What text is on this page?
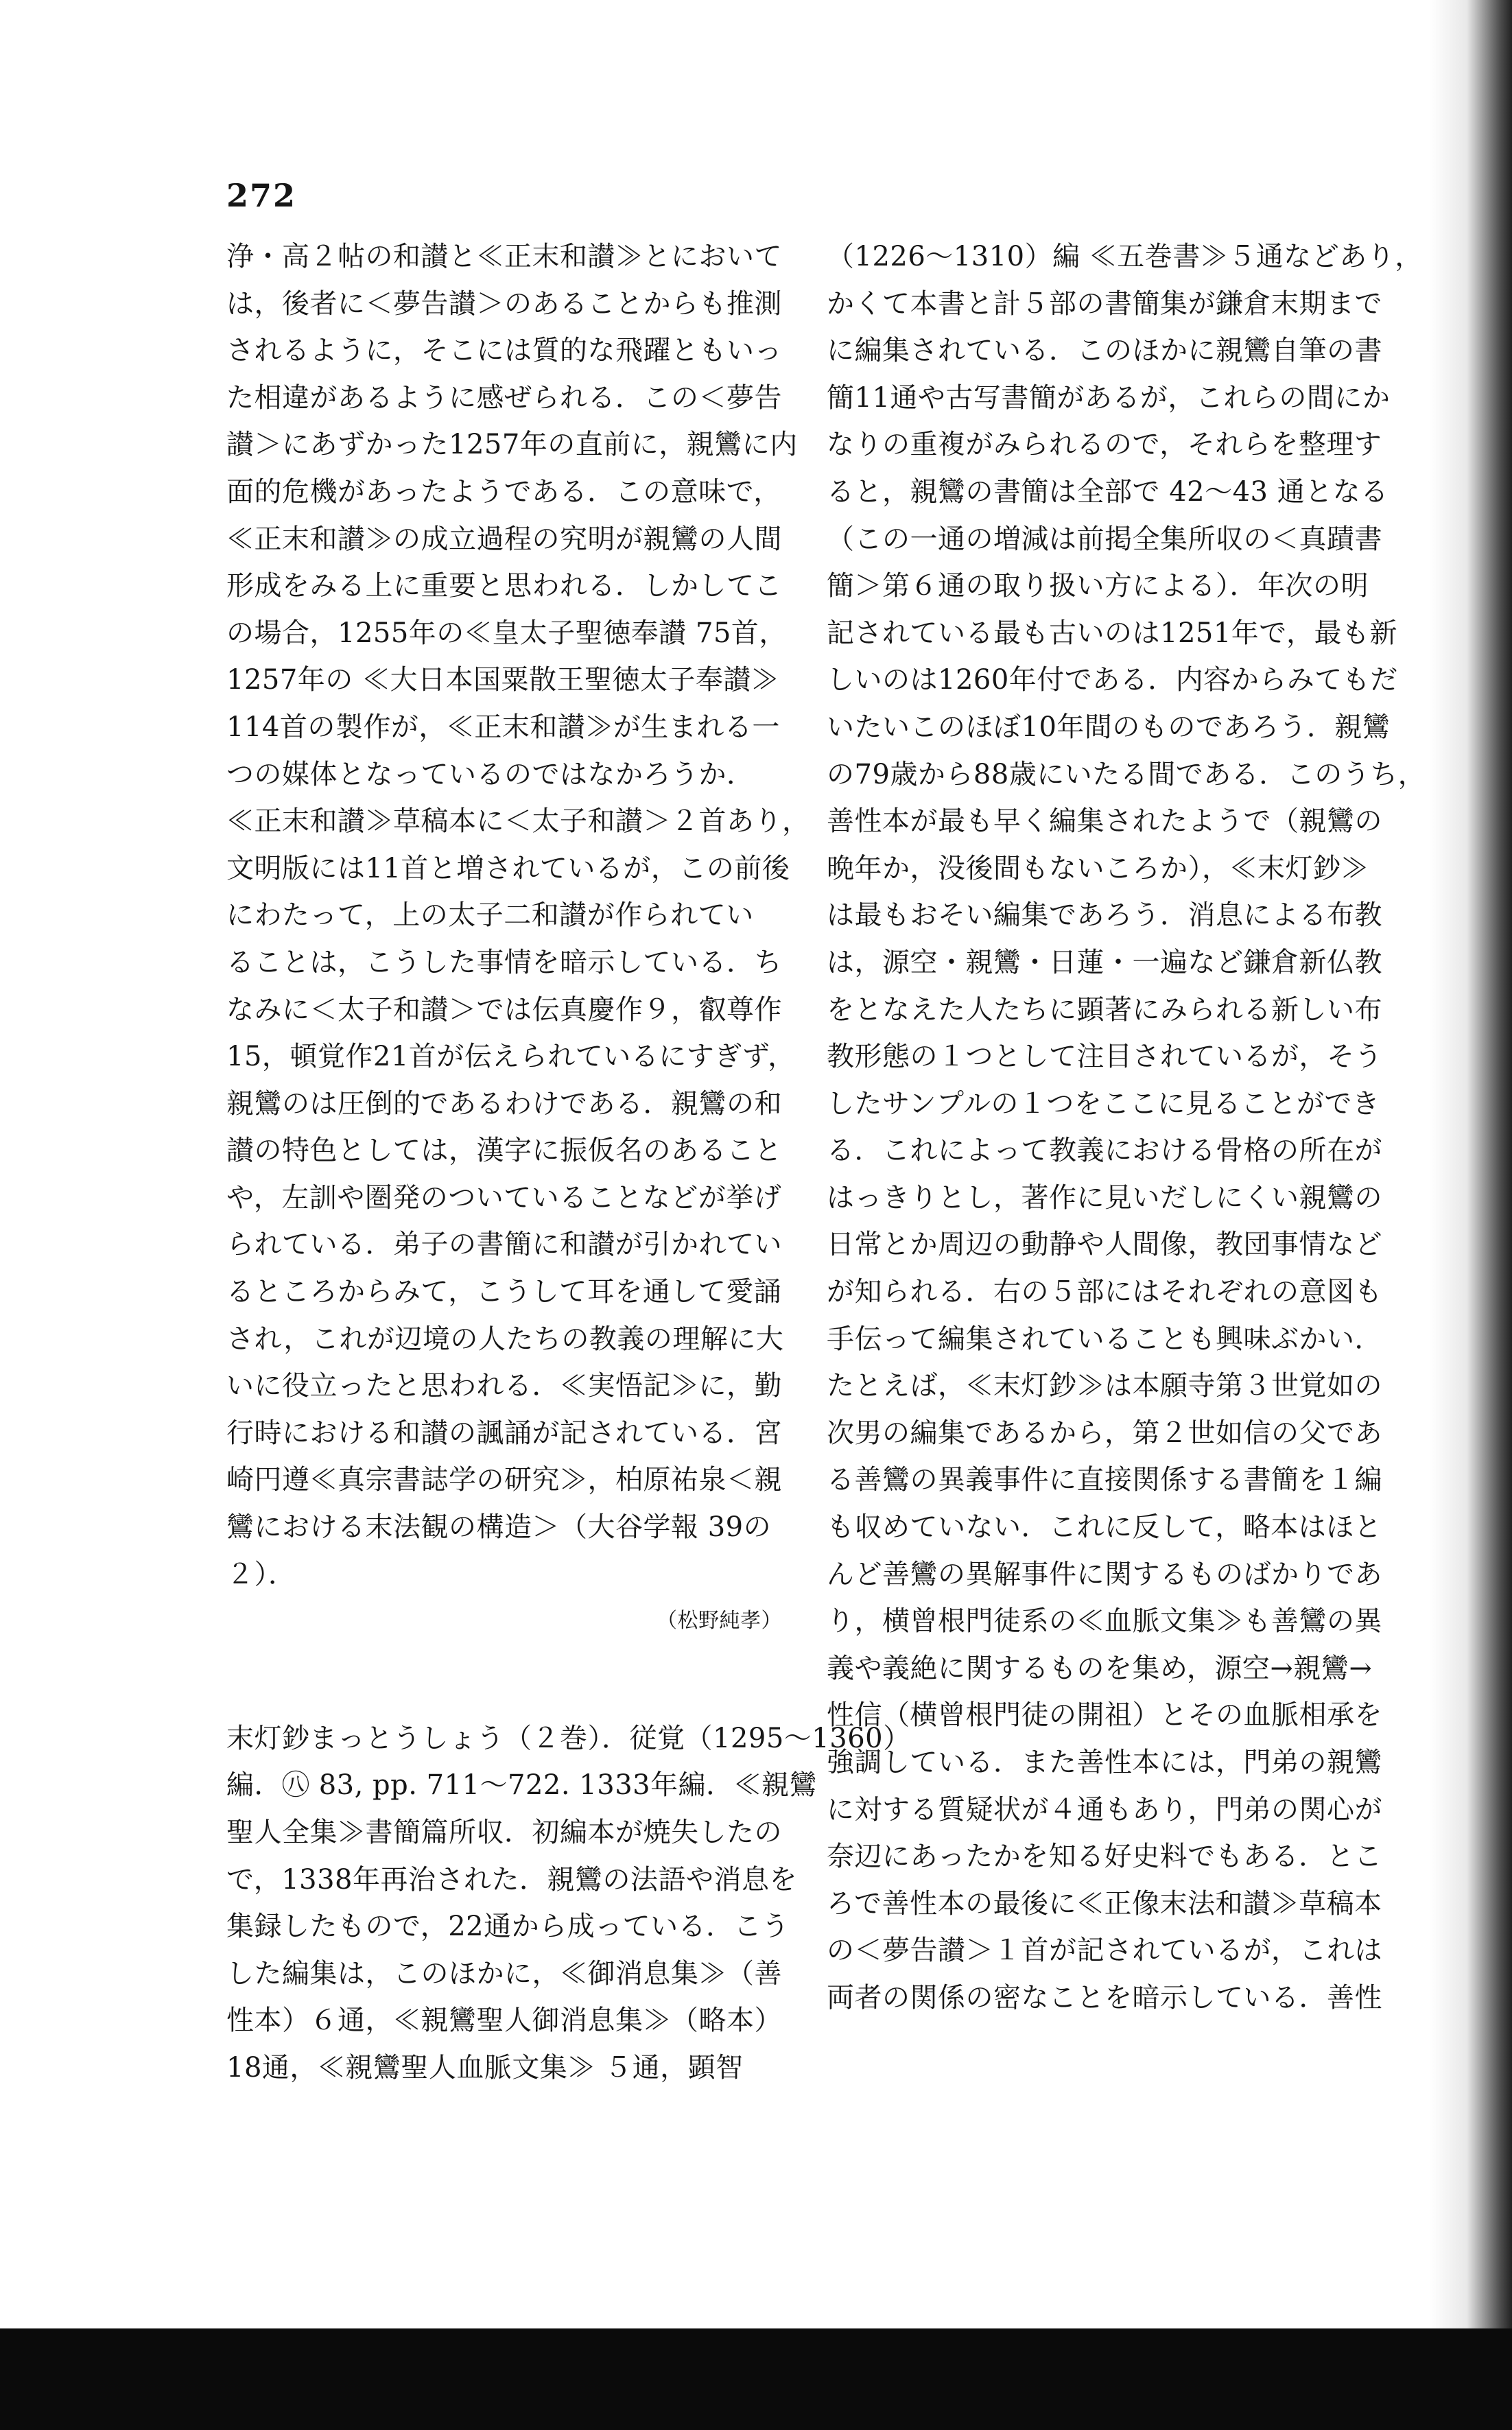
272
浄・高２帖の和讃と≪正末和讃≫とにおいて
は，後者に＜夢告讃＞のあることからも推測
されるように，そこには質的な飛躍ともいっ
た相違があるように感ぜられる．この＜夢告
讃＞にあずかった1257年の直前に，親鸞に内
面的危機があったようである．この意味で，
≪正末和讃≫の成立過程の究明が親鸞の人間
形成をみる上に重要と思われる．しかしてこ
の場合，1255年の≪皇太子聖徳奉讃 75首，
1257年の ≪大日本国粟散王聖徳太子奉讃≫
114首の製作が，≪正末和讃≫が生まれる一
つの媒体となっているのではなかろうか．
≪正末和讃≫草稿本に＜太子和讃＞２首あり，
文明版には11首と増されているが，この前後
にわたって，上の太子二和讃が作られてい
ることは，こうした事情を暗示している．ち
なみに＜太子和讃＞では伝真慶作９，叡尊作
15，頓覚作21首が伝えられているにすぎず，
親鸞のは圧倒的であるわけである．親鸞の和
讃の特色としては，漢字に振仮名のあること
や，左訓や圏発のついていることなどが挙げ
られている．弟子の書簡に和讃が引かれてい
るところからみて，こうして耳を通して愛誦
され，これが辺境の人たちの教義の理解に大
いに役立ったと思われる．≪実悟記≫に，勤
行時における和讃の諷誦が記されている．宮
崎円遵≪真宗書誌学の研究≫，柏原祐泉＜親
鸞における末法観の構造＞（大谷学報 39の
２）．
（松野純孝）
末灯鈔まっとうしょう（２巻）．従覚（1295～1360）
編．㊇ 83, pp. 711～722. 1333年編．≪親鸞
聖人全集≫書簡篇所収．初編本が焼失したの
で，1338年再治された．親鸞の法語や消息を
集録したもので，22通から成っている．こう
した編集は，このほかに，≪御消息集≫（善
性本）６通，≪親鸞聖人御消息集≫（略本）
18通，≪親鸞聖人血脈文集≫ ５通，顕智
（1226～1310）編 ≪五巻書≫５通などあり，
かくて本書と計５部の書簡集が鎌倉末期まで
に編集されている．このほかに親鸞自筆の書
簡11通や古写書簡があるが，これらの間にか
なりの重複がみられるので，それらを整理す
ると，親鸞の書簡は全部で 42～43 通となる
（この一通の増減は前掲全集所収の＜真蹟書
簡＞第６通の取り扱い方による）．年次の明
記されている最も古いのは1251年で，最も新
しいのは1260年付である．内容からみてもだ
いたいこのほぼ10年間のものであろう．親鸞
の79歳から88歳にいたる間である．このうち，
善性本が最も早く編集されたようで（親鸞の
晩年か，没後間もないころか），≪末灯鈔≫
は最もおそい編集であろう．消息による布教
は，源空・親鸞・日蓮・一遍など鎌倉新仏教
をとなえた人たちに顕著にみられる新しい布
教形態の１つとして注目されているが，そう
したサンプルの１つをここに見ることができ
る．これによって教義における骨格の所在が
はっきりとし，著作に見いだしにくい親鸞の
日常とか周辺の動静や人間像，教団事情など
が知られる．右の５部にはそれぞれの意図も
手伝って編集されていることも興味ぶかい．
たとえば，≪末灯鈔≫は本願寺第３世覚如の
次男の編集であるから，第２世如信の父であ
る善鸞の異義事件に直接関係する書簡を１編
も収めていない．これに反して，略本はほと
んど善鸞の異解事件に関するものばかりであ
り，横曾根門徒系の≪血脈文集≫も善鸞の異
義や義絶に関するものを集め，源空→親鸞→
性信（横曾根門徒の開祖）とその血脈相承を
強調している．また善性本には，門弟の親鸞
に対する質疑状が４通もあり，門弟の関心が
奈辺にあったかを知る好史料でもある．とこ
ろで善性本の最後に≪正像末法和讃≫草稿本
の＜夢告讃＞１首が記されているが，これは
両者の関係の密なことを暗示している．善性
